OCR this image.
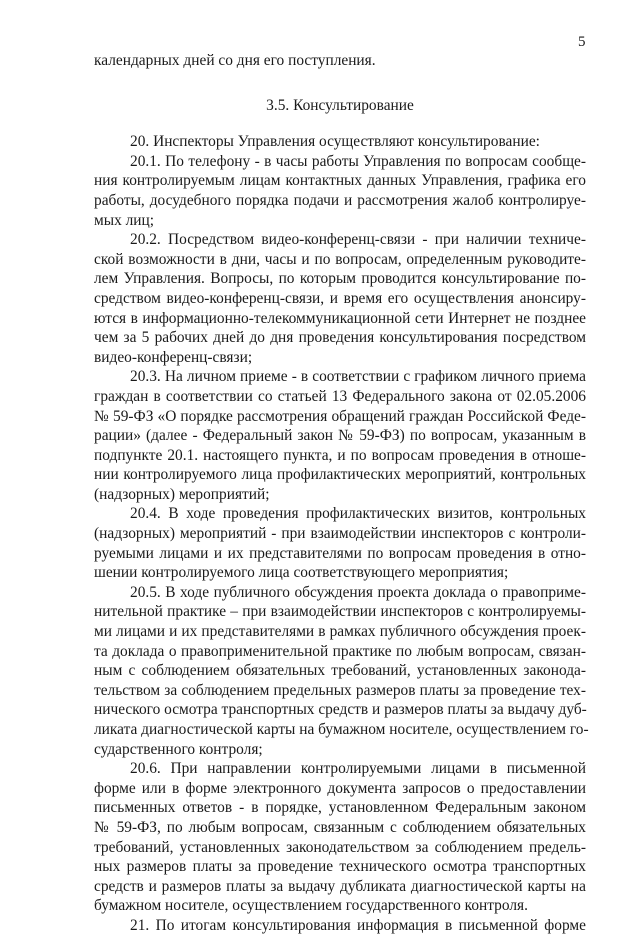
5
календарных дней со дня его поступления.
3.5. Консультирование
20. Инспекторы Управления осуществляют консультирование:
20.1. По телефону - в часы работы Управления по вопросам сообще-
ния контролируемым лицам контактных данных Управления, графика его
работы, досудебного порядка подачи и рассмотрения жалоб контролируе-
мых лиц;
20.2. Посредством видео-конференц-связи - при наличии техниче-
ской возможности в дни, часы и по вопросам, определенным руководите-
лем Управления. Вопросы, по которым проводится консультирование по-
средством видео-конференц-связи, и время его осуществления анонсиру-
ются в информационно-телекоммуникационной сети Интернет не позднее
чем за 5 рабочих дней до дня проведения консультирования посредством
видео-конференц-связи;
20.3. На личном приеме - в соответствии с графиком личного приема
граждан в соответствии со статьей 13 Федерального закона от 02.05.2006
№ 59-ФЗ «О порядке рассмотрения обращений граждан Российской Феде-
рации» (далее - Федеральный закон № 59-ФЗ) по вопросам, указанным в
подпункте 20.1. настоящего пункта, и по вопросам проведения в отноше-
нии контролируемого лица профилактических мероприятий, контрольных
(надзорных) мероприятий;
20.4. В ходе проведения профилактических визитов, контрольных
(надзорных) мероприятий - при взаимодействии инспекторов с контроли-
руемыми лицами и их представителями по вопросам проведения в отно-
шении контролируемого лица соответствующего мероприятия;
20.5. В ходе публичного обсуждения проекта доклада о правоприме-
нительной практике – при взаимодействии инспекторов с контролируемы-
ми лицами и их представителями в рамках публичного обсуждения проек-
та доклада о правоприменительной практике по любым вопросам, связан-
ным с соблюдением обязательных требований, установленных законода-
тельством за соблюдением предельных размеров платы за проведение тех-
нического осмотра транспортных средств и размеров платы за выдачу дуб-
ликата диагностической карты на бумажном носителе, осуществлением го-
сударственного контроля;
20.6. При направлении контролируемыми лицами в письменной
форме или в форме электронного документа запросов о предоставлении
письменных ответов - в порядке, установленном Федеральным законом
№ 59-ФЗ, по любым вопросам, связанным с соблюдением обязательных
требований, установленных законодательством за соблюдением предель-
ных размеров платы за проведение технического осмотра транспортных
средств и размеров платы за выдачу дубликата диагностической карты на
бумажном носителе, осуществлением государственного контроля.
21. По итогам консультирования информация в письменной форме
